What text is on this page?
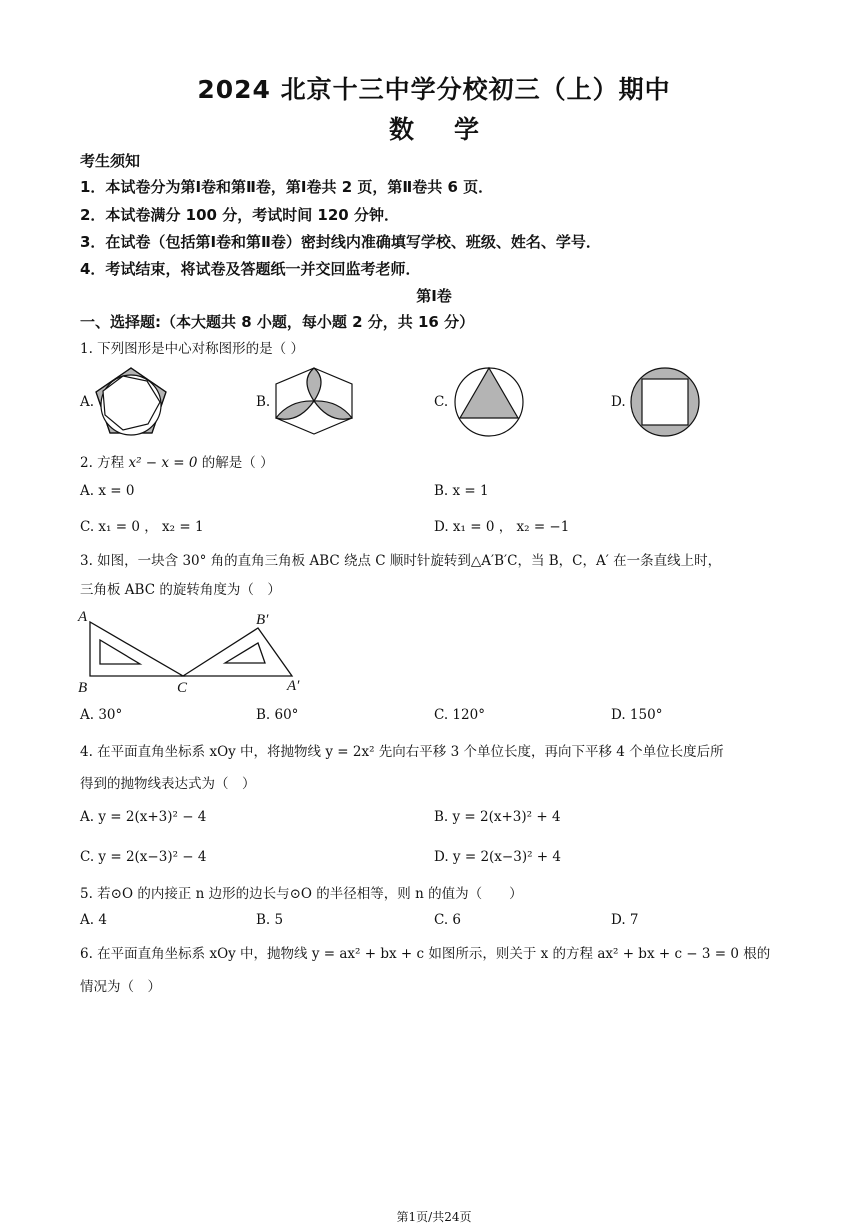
2024 北京十三中学分校初三（上）期中
数学
考生须知
1．本试卷分为第Ⅰ卷和第Ⅱ卷，第Ⅰ卷共 2 页，第Ⅱ卷共 6 页．
2．本试卷满分 100 分，考试时间 120 分钟．
3．在试卷（包括第Ⅰ卷和第Ⅱ卷）密封线内准确填写学校、班级、姓名、学号．
4．考试结束，将试卷及答题纸一并交回监考老师．
第Ⅰ卷
一、选择题:（本大题共 8 小题，每小题 2 分，共 16 分）
1. 下列图形是中心对称图形的是（ ）
A.	B.	C.	D.
2. 方程 x² − x = 0 的解是（ ）
A. x = 0	B. x = 1
C. x₁ = 0 ， x₂ = 1	D. x₁ = 0 ， x₂ = −1
3. 如图，一块含 30° 角的直角三角板 ABC 绕点 C 顺时针旋转到△A′B′C，当 B，C，A′ 在一条直线上时，
三角板 ABC 的旋转角度为（　）
A
B	C
B′
A′
A. 30°	B. 60°	C. 120°	D. 150°
4. 在平面直角坐标系 xOy 中，将抛物线 y = 2x² 先向右平移 3 个单位长度，再向下平移 4 个单位长度后所
得到的抛物线表达式为（　）
A. y = 2(x+3)² − 4	B. y = 2(x+3)² + 4
C. y = 2(x−3)² − 4	D. y = 2(x−3)² + 4
5. 若⊙O 的内接正 n 边形的边长与⊙O 的半径相等，则 n 的值为（　　）
A. 4	B. 5	C. 6	D. 7
6. 在平面直角坐标系 xOy 中，抛物线 y = ax² + bx + c 如图所示，则关于 x 的方程 ax² + bx + c − 3 = 0 根的
情况为（　）
第1页/共24页
